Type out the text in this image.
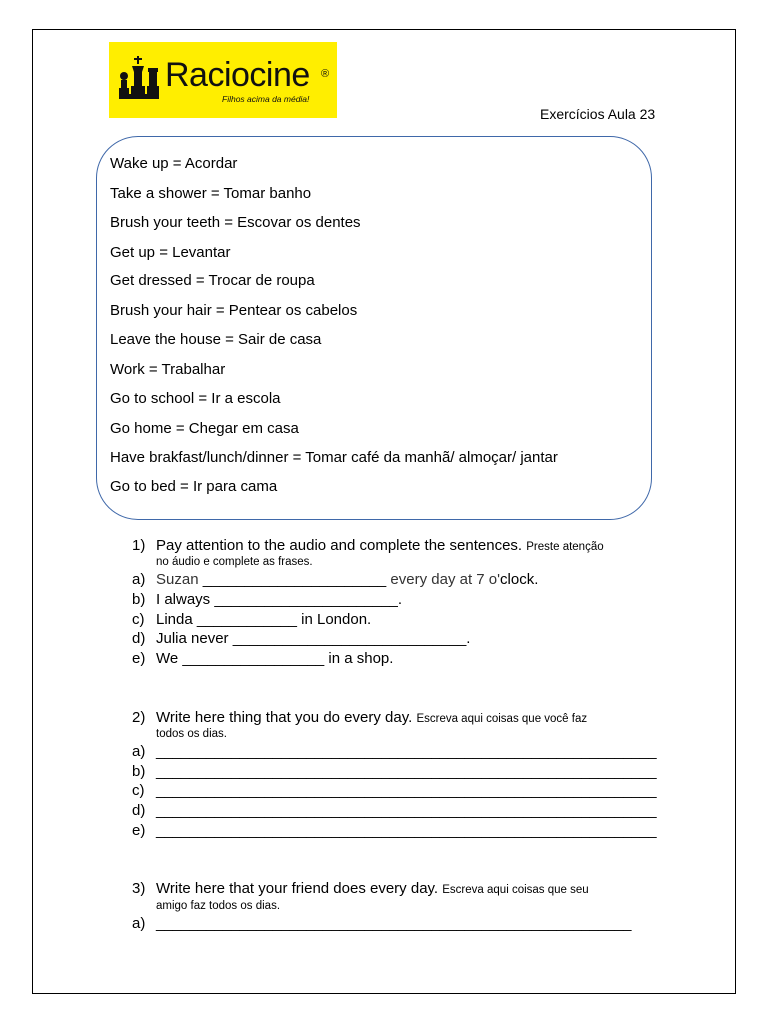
Raciocine ®
Filhos acima da média!
Exercícios Aula 23
Wake up = Acordar
Take a shower = Tomar banho
Brush your teeth = Escovar os dentes
Get up = Levantar
Get dressed = Trocar de roupa
Brush your hair = Pentear os cabelos
Leave the house = Sair de casa
Work = Trabalhar
Go to school = Ir a escola
Go home = Chegar em casa
Have brakfast/lunch/dinner = Tomar café da manhã/ almoçar/ jantar
Go to bed = Ir para cama
1) Pay attention to the audio and complete the sentences. Preste atenção
no áudio e complete as frases.
a) Suzan ______________________ every day at 7 o'clock.
b) I always ______________________.
c) Linda ____________ in London.
d) Julia never ____________________________.
e) We _________________ in a shop.
2) Write here thing that you do every day. Escreva aqui coisas que você faz
todos os dias.
a) ____________________________________________________________
b) ____________________________________________________________
c) ____________________________________________________________
d) ____________________________________________________________
e) ____________________________________________________________
3) Write here that your friend does every day. Escreva aqui coisas que seu
amigo faz todos os dias.
a) _________________________________________________________
